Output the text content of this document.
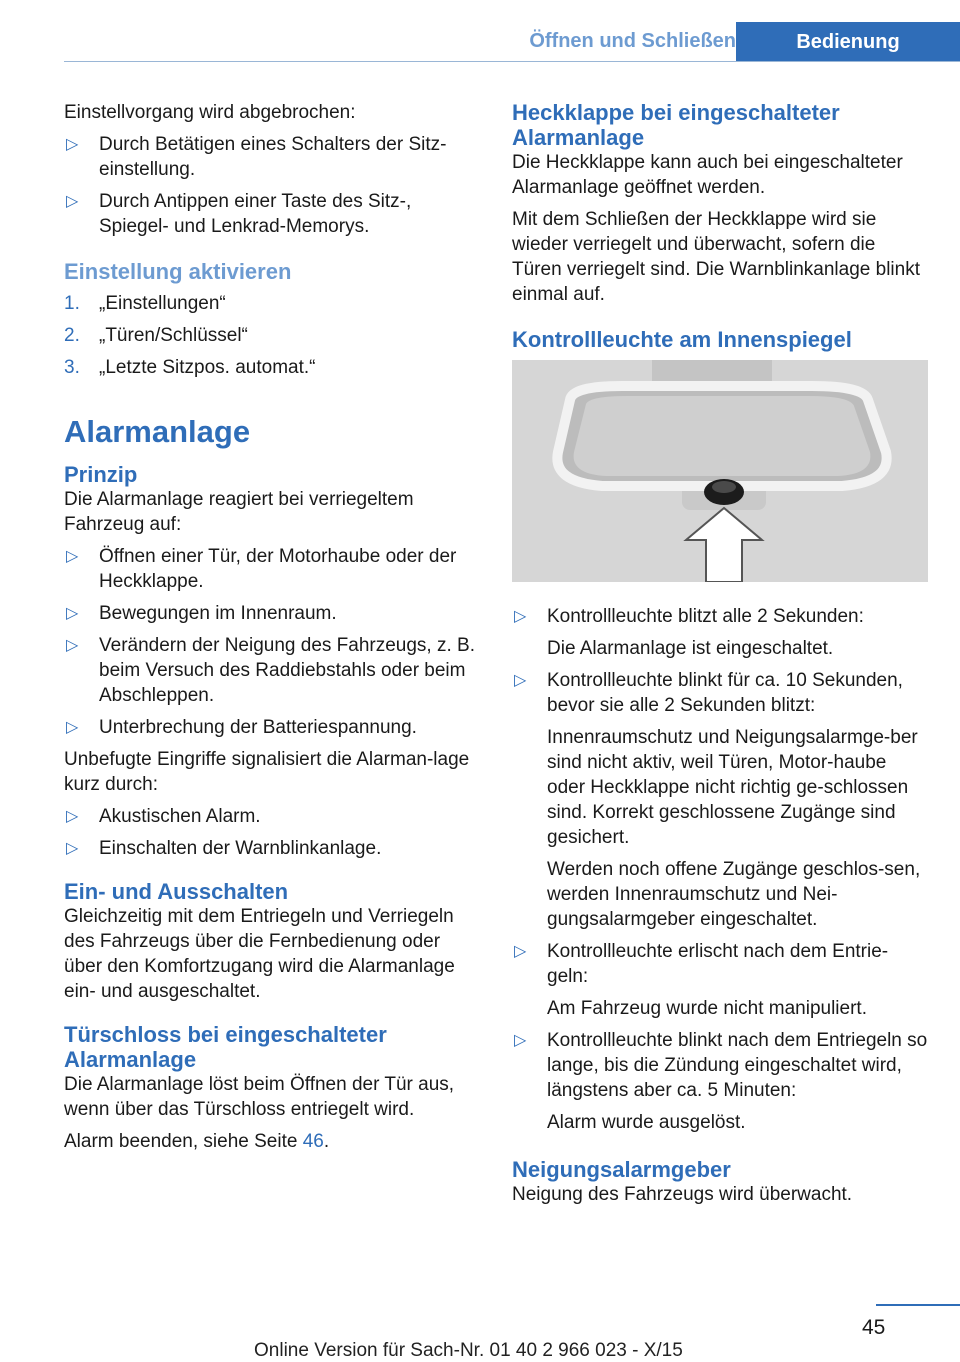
Öffnen und Schließen	Bedienung

Einstellvorgang wird abgebrochen:

▷ Durch Betätigen eines Schalters der Sitz-einstellung.
▷ Durch Antippen einer Taste des Sitz-, Spiegel- und Lenkrad-Memorys.
Einstellung aktivieren
1. „Einstellungen“
2. „Türen/Schlüssel“
3. „Letzte Sitzpos. automat.“
Alarmanlage
Prinzip

Die Alarmanlage reagiert bei verriegeltem Fahrzeug auf:

▷ Öffnen einer Tür, der Motorhaube oder der Heckklappe.
▷ Bewegungen im Innenraum.
▷ Verändern der Neigung des Fahrzeugs, z. B. beim Versuch des Raddiebstahls oder beim Abschleppen.
▷ Unterbrechung der Batteriespannung.

Unbefugte Eingriffe signalisiert die Alarman-lage kurz durch:

▷ Akustischen Alarm.
▷ Einschalten der Warnblinkanlage.
Ein- und Ausschalten

Gleichzeitig mit dem Entriegeln und Verriegeln des Fahrzeugs über die Fernbedienung oder über den Komfortzugang wird die Alarmanlage ein- und ausgeschaltet.

Türschloss bei eingeschalteter Alarmanlage

Die Alarmanlage löst beim Öffnen der Tür aus, wenn über das Türschloss entriegelt wird.

Alarm beenden, siehe Seite 46.

Heckklappe bei eingeschalteter Alarmanlage

Die Heckklappe kann auch bei eingeschalteter Alarmanlage geöffnet werden.

Mit dem Schließen der Heckklappe wird sie wieder verriegelt und überwacht, sofern die Türen verriegelt sind. Die Warnblinkanlage blinkt einmal auf.

Kontrollleuchte am Innenspiegel
▷ Kontrollleuchte blitzt alle 2 Sekunden:

Die Alarmanlage ist eingeschaltet.

▷ Kontrollleuchte blinkt für ca. 10 Sekunden, bevor sie alle 2 Sekunden blitzt:

Innenraumschutz und Neigungsalarmge-ber sind nicht aktiv, weil Türen, Motor-haube oder Heckklappe nicht richtig ge-schlossen sind. Korrekt geschlossene Zugänge sind gesichert.

Werden noch offene Zugänge geschlos-sen, werden Innenraumschutz und Nei-gungsalarmgeber eingeschaltet.

▷ Kontrollleuchte erlischt nach dem Entrie-geln:

Am Fahrzeug wurde nicht manipuliert.

▷ Kontrollleuchte blinkt nach dem Entriegeln so lange, bis die Zündung eingeschaltet wird, längstens aber ca. 5 Minuten:

Alarm wurde ausgelöst.

Neigungsalarmgeber

Neigung des Fahrzeugs wird überwacht.

45
Online Version für Sach-Nr. 01 40 2 966 023 - X/15
